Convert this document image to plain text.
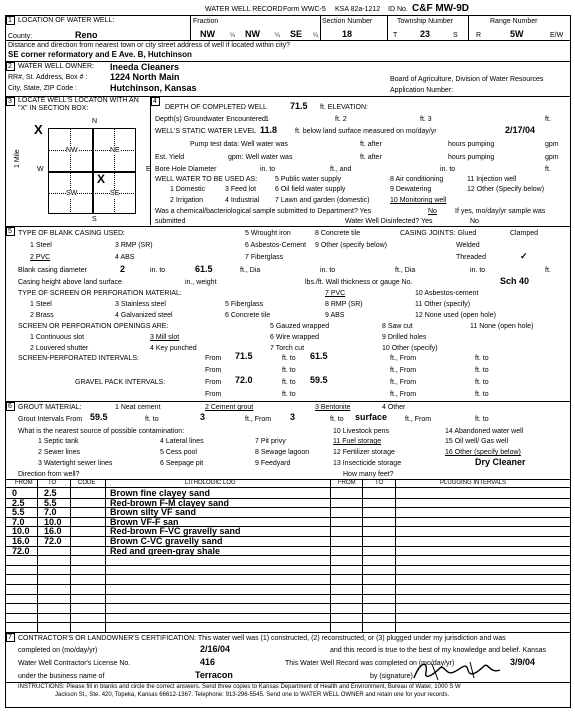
WATER WELL RECORD Form WWC-5 KSA 82a-1212 ID No. C&F MW-9D
1 LOCATION OF WATER WELL:
County:	Reno
Fraction
NW	¼ NW	¼ SE ¼
Section Number
18
Township Number
T	23	S
Range Number
R	5W	E/W
Distance and direction from nearest town or city street address of well if located within city?
SE corner reformatory and E Ave. B, Hutchinson
2 WATER WELL OWNER: Ineeda Cleaners
RR#, St. Address, Box # :	1224 North Main
City, State, ZIP Code :	Hutchinson, Kansas
Board of Agriculture, Division of Water Resources
Application Number:
3 LOCATE WELL'S LOCATON WITH AN "X" IN SECTION BOX:
N
S
W	E
1 Mile	NW	NE
SW	SE
X
X
4
DEPTH OF COMPLETED WELL	71.5 ft. ELEVATION:
Depth(s) Groundwater Encountered 1	ft. 2	ft. 3	ft.
WELL'S STATIC WATER LEVEL 11.8	ft. below land surface measured on mo/day/yr	2/17/04
Pump test data: Well water was	ft. after	hours pumping	gpm
Est. Yield	gpm: Well water was	ft. after	hours pumping	gpm
Bore Hole Diameter	in. to	ft., and	in. to	ft.
WELL WATER TO BE USED AS:	5 Public water supply	8 Air conditioning	11 Injection well
1 Domestic	3 Feed lot	6 Oil field water supply	9 Dewatering	12 Other (Specify below)
2 Irrigation	4 Industrial 7 Lawn and garden (domestic)	10 Monitoring well
Was a chemical/bacteriological sample submitted to Department? Yes	No	If yes, mo/day/yr sample was
submitted	Water Well Disinfected? Yes	No
5 TYPE OF BLANK CASING USED:	5 Wrought iron	8 Concrete tile	CASING JOINTS: Glued	Clamped
1 Steel	3 RMP (SR)	6 Asbestos-Cement 9 Other (specify below)	Welded
2 PVC	4 ABS	7 Fiberglass	Threaded	✓
Blank casing diameter	2	in. to	61.5	ft., Dia	in. to	ft., Dia	in. to	ft.
Casing height above land surface	in., weight	lbs./ft. Wall thickness or gauge No.	Sch 40
TYPE OF SCREEN OR PERFORATION MATERIAL:	7 PVC	10 Asbestos-cement
1 Steel	3 Stainless steel	5 Fiberglass	8 RMP (SR)	11 Other (specify)
2 Brass	4 Galvanized steel	6 Concrete tile	9 ABS	12 None used (open hole)
SCREEN OR PERFORATION OPENINGS ARE:	5 Gauzed wrapped	8 Saw cut	11 None (open hole)
1 Continuous slot	3 Mill slot	6 Wire wrapped	9 Drilled holes
2 Louvered shutter	4 Key punched	7 Torch cut	10 Other (specify)
SCREEN-PERFORATED INTERVALS:	From 71.5	ft. to 61.5	ft., From	ft. to
From	ft. to	ft., From	ft. to
GRAVEL PACK INTERVALS:	From 72.0	ft. to 59.5	ft., From	ft. to
From	ft. to	ft., From	ft. to
6 GROUT MATERIAL:	1 Neat cement	2 Cement grout	3 Bentonite	4 Other
Grout Intervals From 59.5	ft. to	3	ft., From 3	ft. to surface	ft., From	ft. to
What is the nearest source of possible contamination:	10 Livestock pens	14 Abandoned water well
1 Septic tank	4 Lateral lines	7 Pit privy	11 Fuel storage	15 Oil well/ Gas well
2 Sewer lines	5 Cess pool	8 Sewage lagoon	12 Fertilizer storage	16 Other (specify below)
3 Watertight sewer lines	6 Seepage pit	9 Feedyard	13 Insecticide storage	Dry Cleaner
Direction from well?	How many feet?
FROM	TO	CODE	LITHOLOGIC LOG	FROM	TO	PLUGGING INTERVALS
0	2.5	Brown fine clayey sand
2.5 5.5	Red-brown F-M clayey sand
5.5 7.0	Brown silty VF sand
7.0 10.0	Brown VF-F san
10.0 16.0	Red-brown F-VC gravelly sand
16.0 72.0	Brown C-VC gravelly sand
72.0	Red and green-gray shale
7 CONTRACTOR'S OR LANDOWNER'S CERTIFICATION: This water well was (1) constructed, (2) reconstructed, or (3) plugged under my jurisdiction and was
completed on (mo/day/yr)	2/16/04	and this record is true to the best of my knowledge and belief. Kansas
Water Well Contractor's License No.	416	This Water Well Record was completed on (mo/day/yr)	3/9/04
under the business name of	Terracon	by (signature)
INSTRUCTIONS: Please fill in blanks and circle the correct answers. Send three copies to Kansas Department of Health and Environment, Bureau of Water, 1000 S W
Jackson St., Ste. 420, Topeka, Kansas 66612-1367. Telephone: 913-296-5545. Send one to WATER WELL OWNER and retain one for your records.
